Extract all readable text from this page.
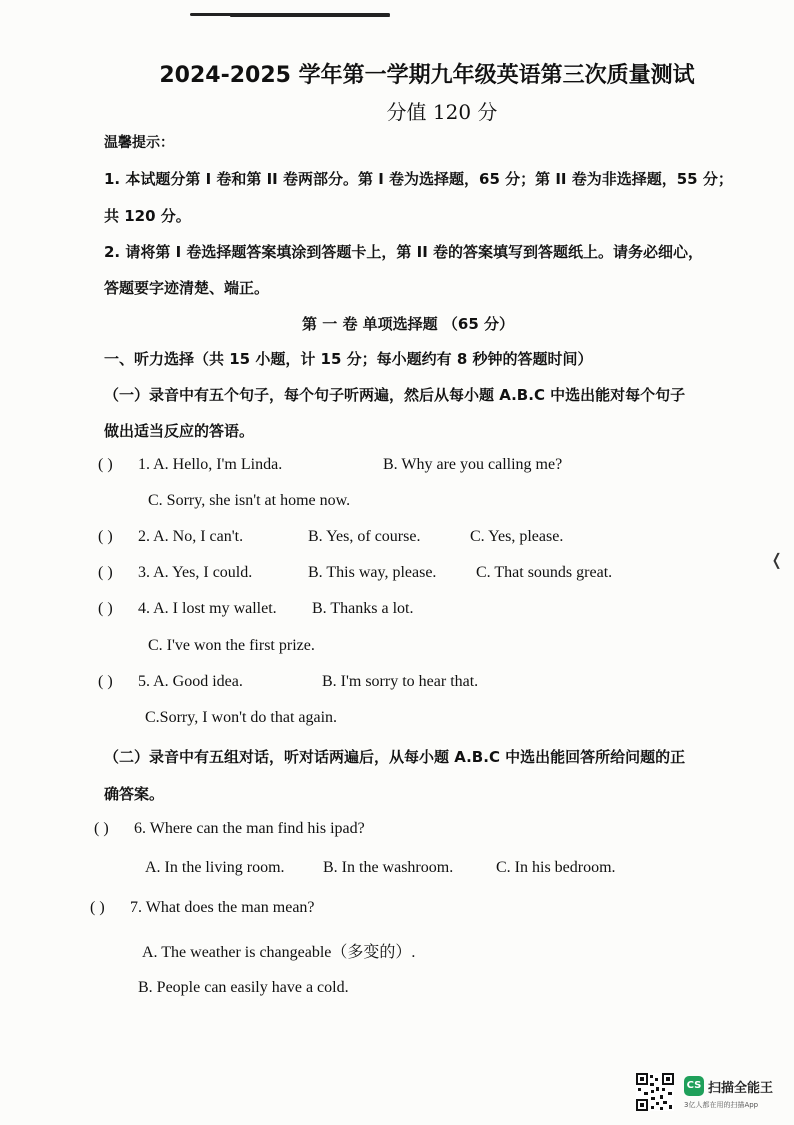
2024-2025 学年第一学期九年级英语第三次质量测试
分值 120 分
温馨提示：
1. 本试题分第 I 卷和第 II 卷两部分。第 I 卷为选择题，65 分；第 II 卷为非选择题，55 分；
共 120 分。
2. 请将第 I 卷选择题答案填涂到答题卡上，第 II 卷的答案填写到答题纸上。请务必细心，
答题要字迹清楚、端正。
第 一 卷 单项选择题 （65 分）
一、听力选择（共 15 小题，计 15 分；每小题约有 8 秒钟的答题时间）
（一）录音中有五个句子，每个句子听两遍，然后从每小题 A.B.C 中选出能对每个句子
做出适当反应的答语。
( ) 1. A. Hello, I'm Linda.	B. Why are you calling me?
C. Sorry, she isn't at home now.
( ) 2. A. No, I can't.	B. Yes, of course.	C. Yes, please.
( ) 3. A. Yes, I could.	B. This way, please. C. That sounds great.
( ) 4. A. I lost my wallet. B. Thanks a lot.
C. I've won the first prize.
( ) 5. A. Good idea.	B. I'm sorry to hear that.
C.Sorry, I won't do that again.
（二）录音中有五组对话，听对话两遍后，从每小题 A.B.C 中选出能回答所给问题的正
确答案。
( ) 6. Where can the man find his ipad?
A. In the living room. B. In the washroom.	C. In his bedroom.
( ) 7. What does the man mean?
A. The weather is changeable（多变的）.
B. People can easily have a cold.
❬
CS 扫描全能王
3亿人都在用的扫描App
